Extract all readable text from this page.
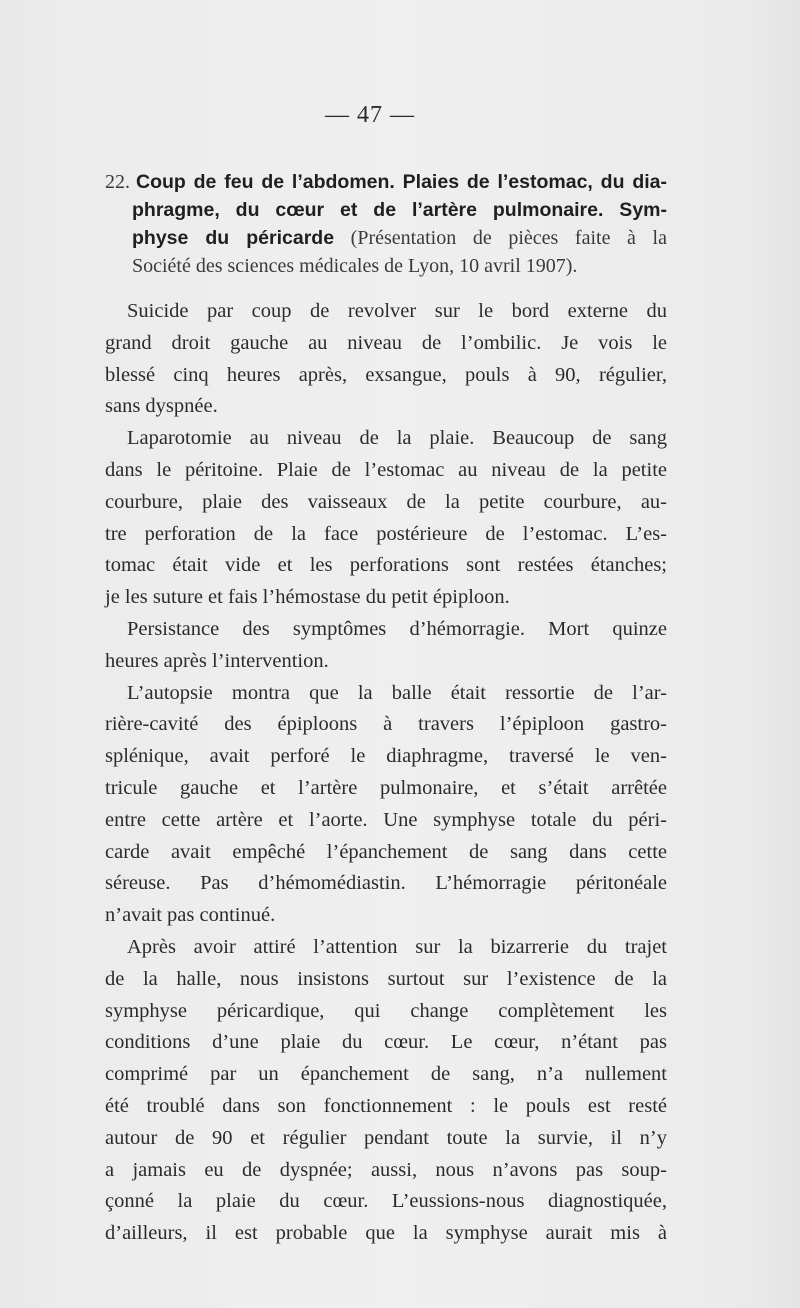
— 47 —
22. Coup de feu de l’abdomen. Plaies de l’estomac, du dia-
phragme, du cœur et de l’artère pulmonaire. Sym-
physe du péricarde (Présentation de pièces faite à la
Société des sciences médicales de Lyon, 10 avril 1907).
Suicide par coup de revolver sur le bord externe du
grand droit gauche au niveau de l’ombilic. Je vois le
blessé cinq heures après, exsangue, pouls à 90, régulier,
sans dyspnée.
Laparotomie au niveau de la plaie. Beaucoup de sang
dans le péritoine. Plaie de l’estomac au niveau de la petite
courbure, plaie des vaisseaux de la petite courbure, au-
tre perforation de la face postérieure de l’estomac. L’es-
tomac était vide et les perforations sont restées étanches;
je les suture et fais l’hémostase du petit épiploon.
Persistance des symptômes d’hémorragie. Mort quinze
heures après l’intervention.
L’autopsie montra que la balle était ressortie de l’ar-
rière-cavité des épiploons à travers l’épiploon gastro-
splénique, avait perforé le diaphragme, traversé le ven-
tricule gauche et l’artère pulmonaire, et s’était arrêtée
entre cette artère et l’aorte. Une symphyse totale du péri-
carde avait empêché l’épanchement de sang dans cette
séreuse. Pas d’hémomédiastin. L’hémorragie péritonéale
n’avait pas continué.
Après avoir attiré l’attention sur la bizarrerie du trajet
de la halle, nous insistons surtout sur l’existence de la
symphyse péricardique, qui change complètement les
conditions d’une plaie du cœur. Le cœur, n’étant pas
comprimé par un épanchement de sang, n’a nullement
été troublé dans son fonctionnement : le pouls est resté
autour de 90 et régulier pendant toute la survie, il n’y
a jamais eu de dyspnée; aussi, nous n’avons pas soup-
çonné la plaie du cœur. L’eussions-nous diagnostiquée,
d’ailleurs, il est probable que la symphyse aurait mis à
